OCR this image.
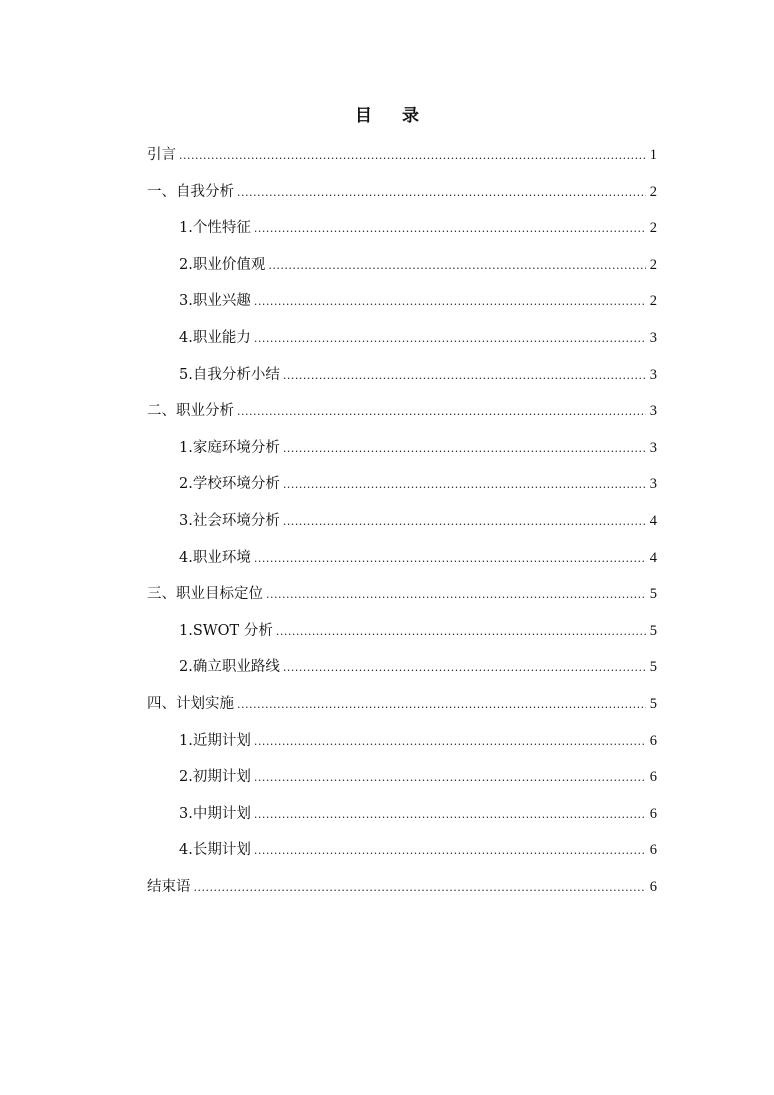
目 录
引言 .....	1
一、自我分析 .....	2
1.个性特征 .....	2
2.职业价值观 .....	2
3.职业兴趣 .....	2
4.职业能力 .....	3
5.自我分析小结 .....	3
二、职业分析 .....	3
1.家庭环境分析 .....	3
2.学校环境分析 .....	3
3.社会环境分析 .....	4
4.职业环境 .....	4
三、职业目标定位 .....	5
1.SWOT 分析 .....	5
2.确立职业路线 .....	5
四、计划实施 .....	5
1.近期计划 .....	6
2.初期计划 .....	6
3.中期计划 .....	6
4.长期计划 .....	6
结束语 .....	6
